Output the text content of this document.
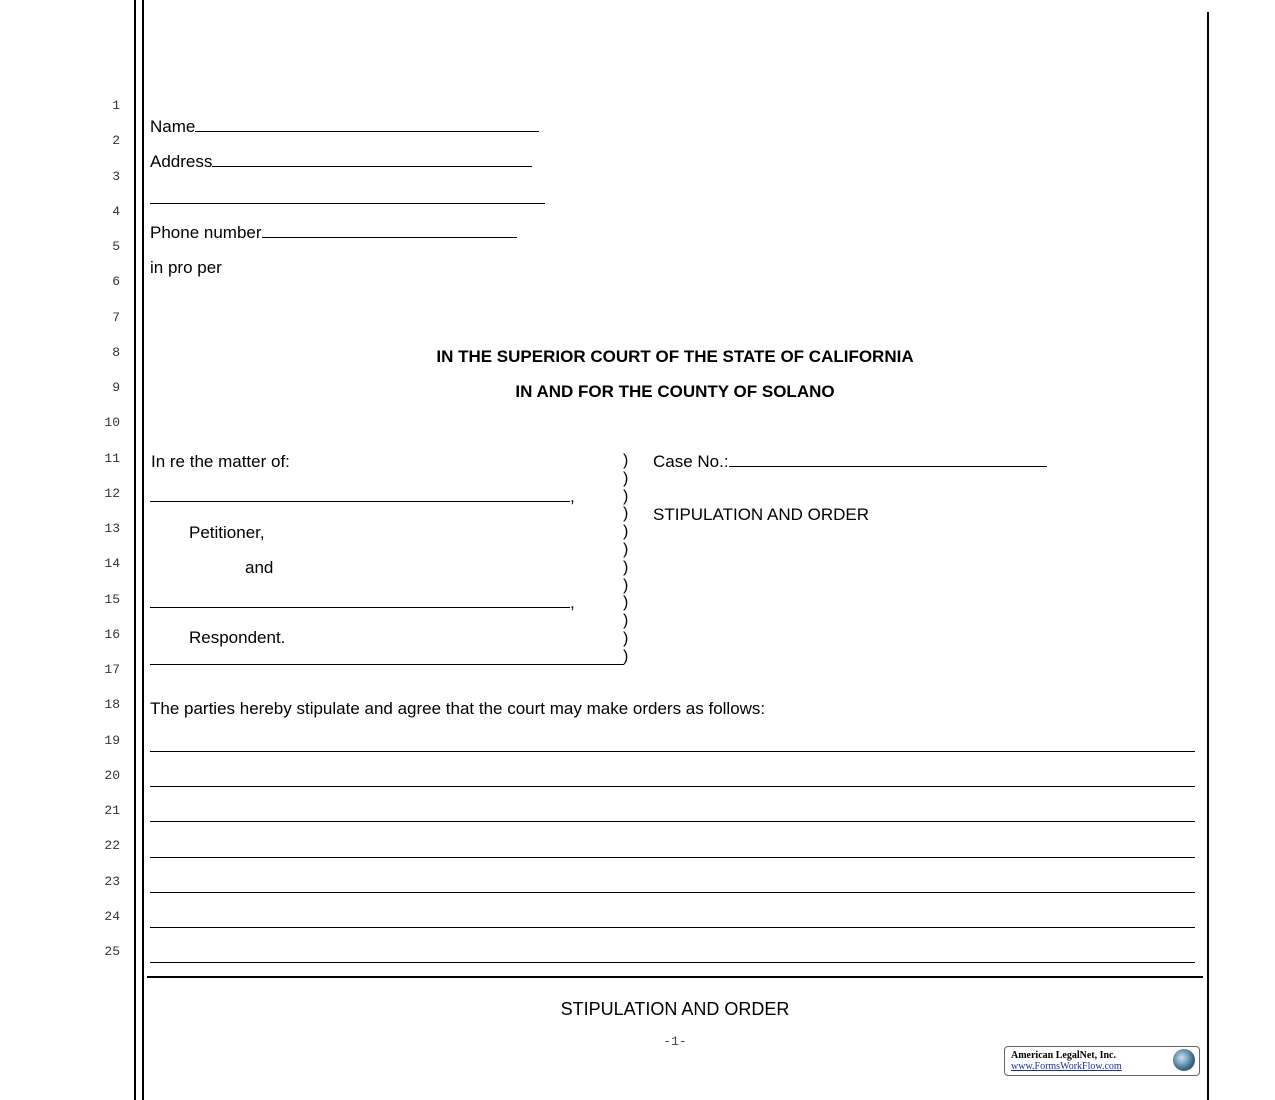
1
2
3
4
5
6
7
8
9
10
11
12
13
14
15
16
17
18
19
20
21
22
23
24
25
Name
Address
Phone number
in pro per
IN THE SUPERIOR COURT OF THE STATE OF CALIFORNIA
IN AND FOR THE COUNTY OF SOLANO
In re the matter of:
,
Petitioner,
and
,
Respondent.
)
)
)
)
)
)
)
)
)
)
)
)
Case No.:
STIPULATION AND ORDER
The parties hereby stipulate and agree that the court may make orders as follows:
STIPULATION AND ORDER
-1-
American LegalNet, Inc.
www.FormsWorkFlow.com
